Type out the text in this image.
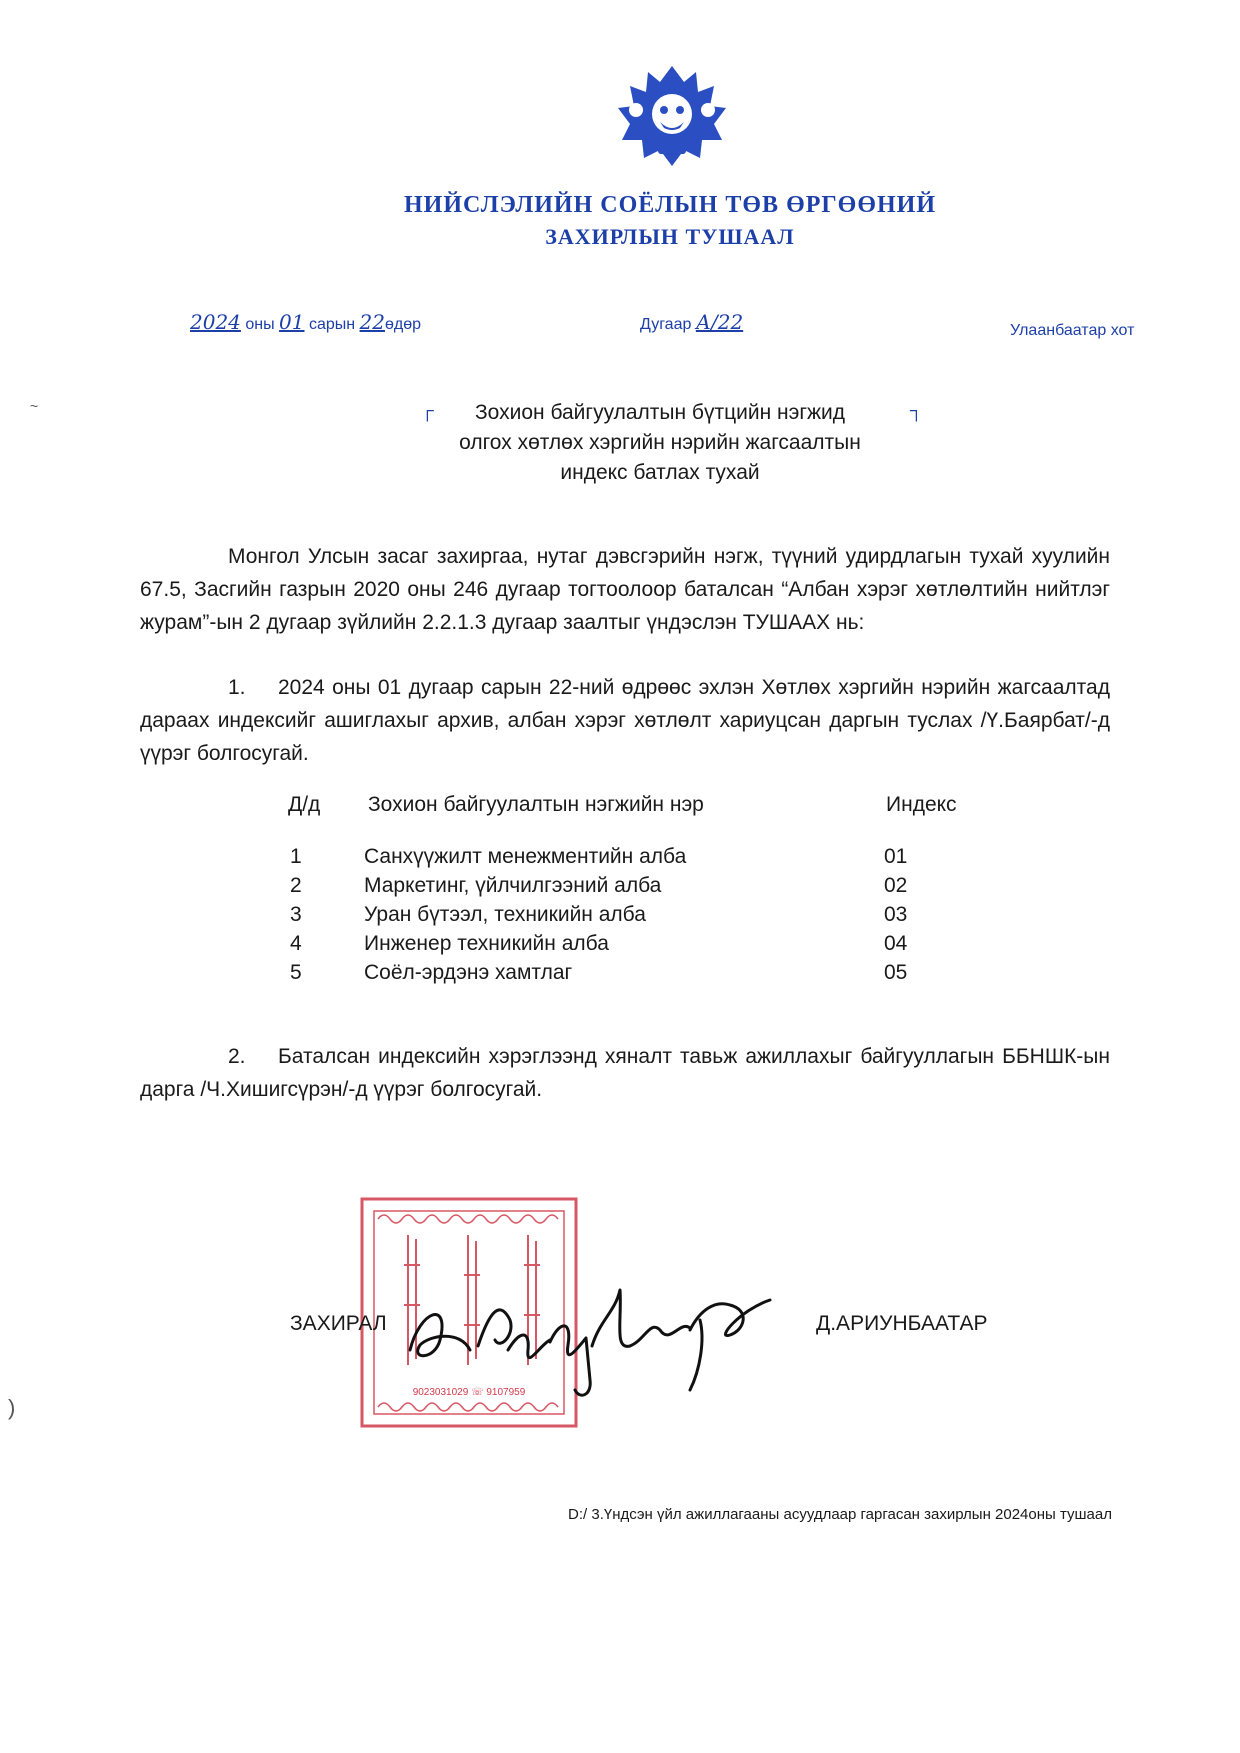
НИЙСЛЭЛИЙН СОЁЛЫН ТӨВ ӨРГӨӨНИЙ
ЗАХИРЛЫН ТУШААЛ
2024 оны 01 сарын 22өдөр	Дугаар А/22	Улаанбаатар хот
┌	┐
Зохион байгуулалтын бүтцийн нэгжид
олгох хөтлөх хэргийн нэрийн жагсаалтын
индекс батлах тухай
Монгол Улсын засаг захиргаа, нутаг дэвсгэрийн нэгж, түүний удирдлагын тухай хуулийн 67.5, Засгийн газрын 2020 оны 246 дугаар тогтоолоор баталсан “Албан хэрэг хөтлөлтийн нийтлэг журам”-ын 2 дугаар зүйлийн 2.2.1.3 дугаар заалтыг үндэслэн ТУШААХ нь:
1. 2024 оны 01 дугаар сарын 22-ний өдрөөс эхлэн Хөтлөх хэргийн нэрийн жагсаалтад дараах индексийг ашиглахыг архив, албан хэрэг хөтлөлт хариуцсан даргын туслах /Ү.Баярбат/-д үүрэг болгосугай.
Д/д Зохион байгуулалтын нэгжийн нэр	Индекс
1	Санхүүжилт менежментийн алба	01
2	Маркетинг, үйлчилгээний алба	02
3	Уран бүтээл, техникийн алба	03
4	Инженер техникийн алба	04
5	Соёл-эрдэнэ хамтлаг	05
2. Баталсан индексийн хэрэглээнд хяналт тавьж ажиллахыг байгууллагын ББНШК-ын дарга /Ч.Хишигсүрэн/-д үүрэг болгосугай.
9023031029 ☏ 9107959
ЗАХИРАЛ	Д.АРИУНБААТАР
D:/ 3.Үндсэн үйл ажиллагааны асуудлаар гаргасан захирлын 2024оны тушаал
~
)
